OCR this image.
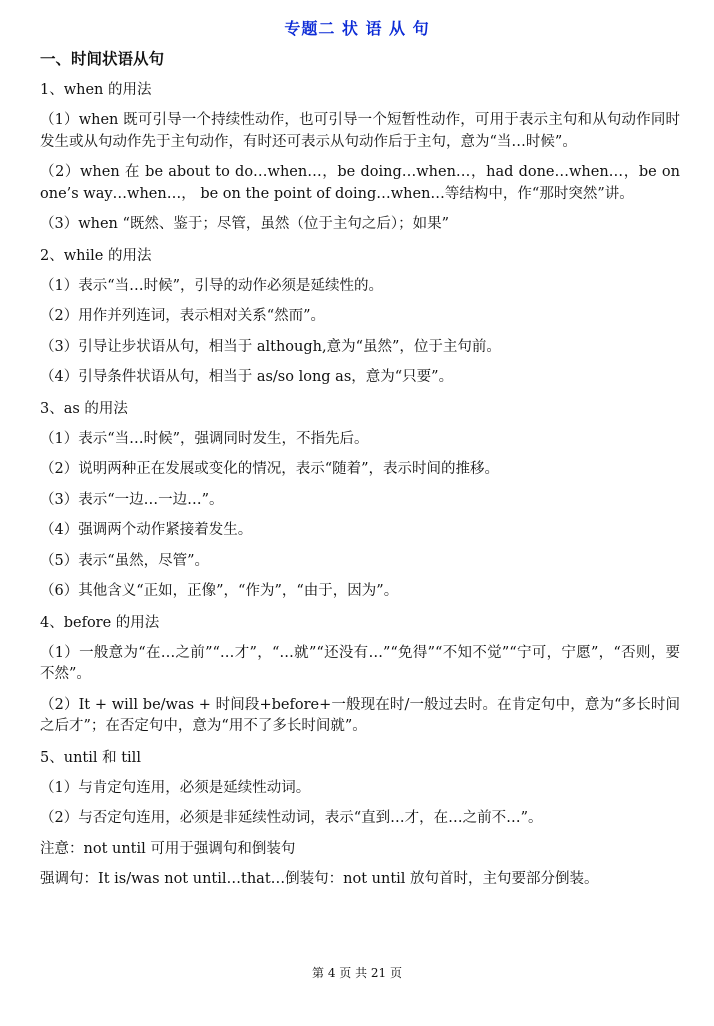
专题二 状 语 从 句
一、时间状语从句
1、when 的用法
（1）when 既可引导一个持续性动作，也可引导一个短暂性动作，可用于表示主句和从句动作同时发生或从句动作先于主句动作，有时还可表示从句动作后于主句，意为“当…时候”。
（2）when 在 be about to do…when…，be doing…when…，had done…when…，be on one’s way…when…， be on the point of doing…when…等结构中，作“那时突然”讲。
（3）when “既然、鉴于；尽管，虽然（位于主句之后）；如果”
2、while 的用法
（1）表示“当…时候”，引导的动作必须是延续性的。
（2）用作并列连词，表示相对关系“然而”。
（3）引导让步状语从句，相当于 although,意为“虽然”，位于主句前。
（4）引导条件状语从句，相当于 as/so long as，意为“只要”。
3、as 的用法
（1）表示“当…时候”，强调同时发生，不指先后。
（2）说明两种正在发展或变化的情况，表示“随着”，表示时间的推移。
（3）表示“一边…一边…”。
（4）强调两个动作紧接着发生。
（5）表示“虽然，尽管”。
（6）其他含义“正如，正像”，“作为”，“由于，因为”。
4、before 的用法
（1）一般意为“在…之前”“…才”，“…就”“还没有…”“免得”“不知不觉”“宁可，宁愿”，“否则，要不然”。
（2）It + will be/was + 时间段+before+一般现在时/一般过去时。在肯定句中，意为“多长时间之后才”；在否定句中，意为“用不了多长时间就”。
5、until 和 till
（1）与肯定句连用，必须是延续性动词。
（2）与否定句连用，必须是非延续性动词，表示“直到…才，在…之前不…”。
注意：not until 可用于强调句和倒装句
强调句：It is/was not until…that…倒装句：not until 放句首时，主句要部分倒装。
第 4 页 共 21 页
